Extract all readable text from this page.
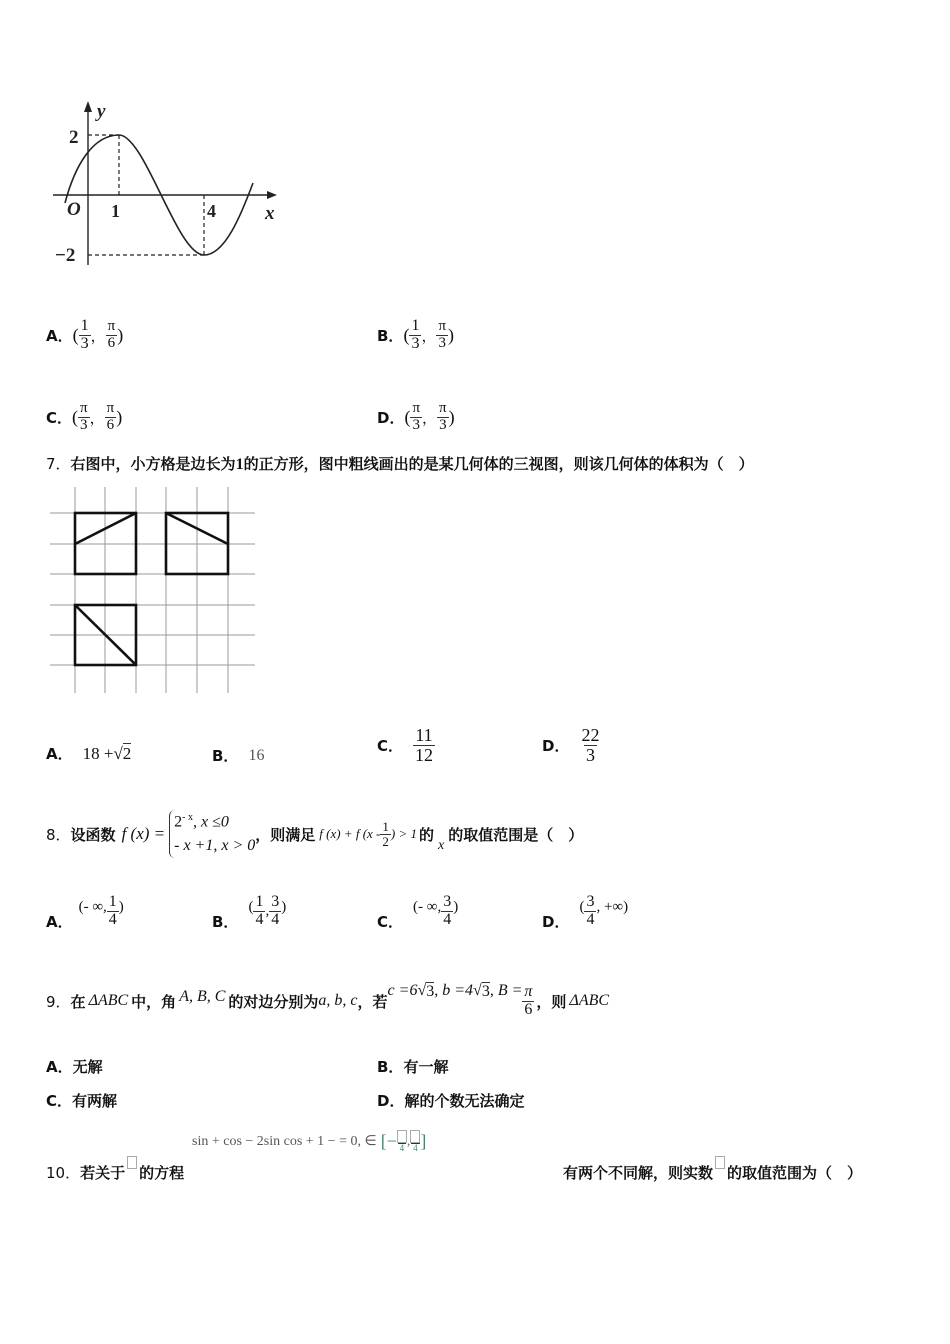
y
x
O 1	4
2
−2
A． ( $\frac{1}{3}$ ， $\frac{\pi}{6}$ )	B． ( $\frac{1}{3}$ ， $\frac{\pi}{3}$ )
C． ( $\frac{\pi}{3}$ ， $\frac{\pi}{6}$ )	D． ( $\frac{\pi}{3}$ ， $\frac{\pi}{3}$ )
7．右图中，小方格是边长为1的正方形，图中粗线画出的是某几何体的三视图，则该几何体的体积为（　）
A． 18 + √2	B． 16
C． $\frac{11}{12}$	D． $\frac{22}{3}$
8． 设函数 f (x) =
$2^{- x}$, x ≤0
- x +1, x > 0
，则满足 f (x) + f ($x - \frac{1}{2}$ ) > 1 的
x
的取值范围是（　）
A．
(- ∞, $\frac{1}{4}$ )
B．
( $\frac{1}{4}$ , $\frac{3}{4}$ )
C．
(- ∞, $\frac{3}{4}$ )
D．
( $\frac{3}{4}$ , +∞)
9． 在 ΔABC 中，角 A, B, C 的对边分别为 a, b, c ，若
c =6 √ 3 , b =4 √ 3 , $B = \frac{\pi}{6}$ ，则 ΔABC
A．无解	B．有一解
C．有两解	D．解的个数无法确定
sin + cos − 2sin cos + 1 − = 0, ∈ [− 4 , 4 ]
10． 若关于 的方程	有两个不同解，则实数 的取值范围为（　）
